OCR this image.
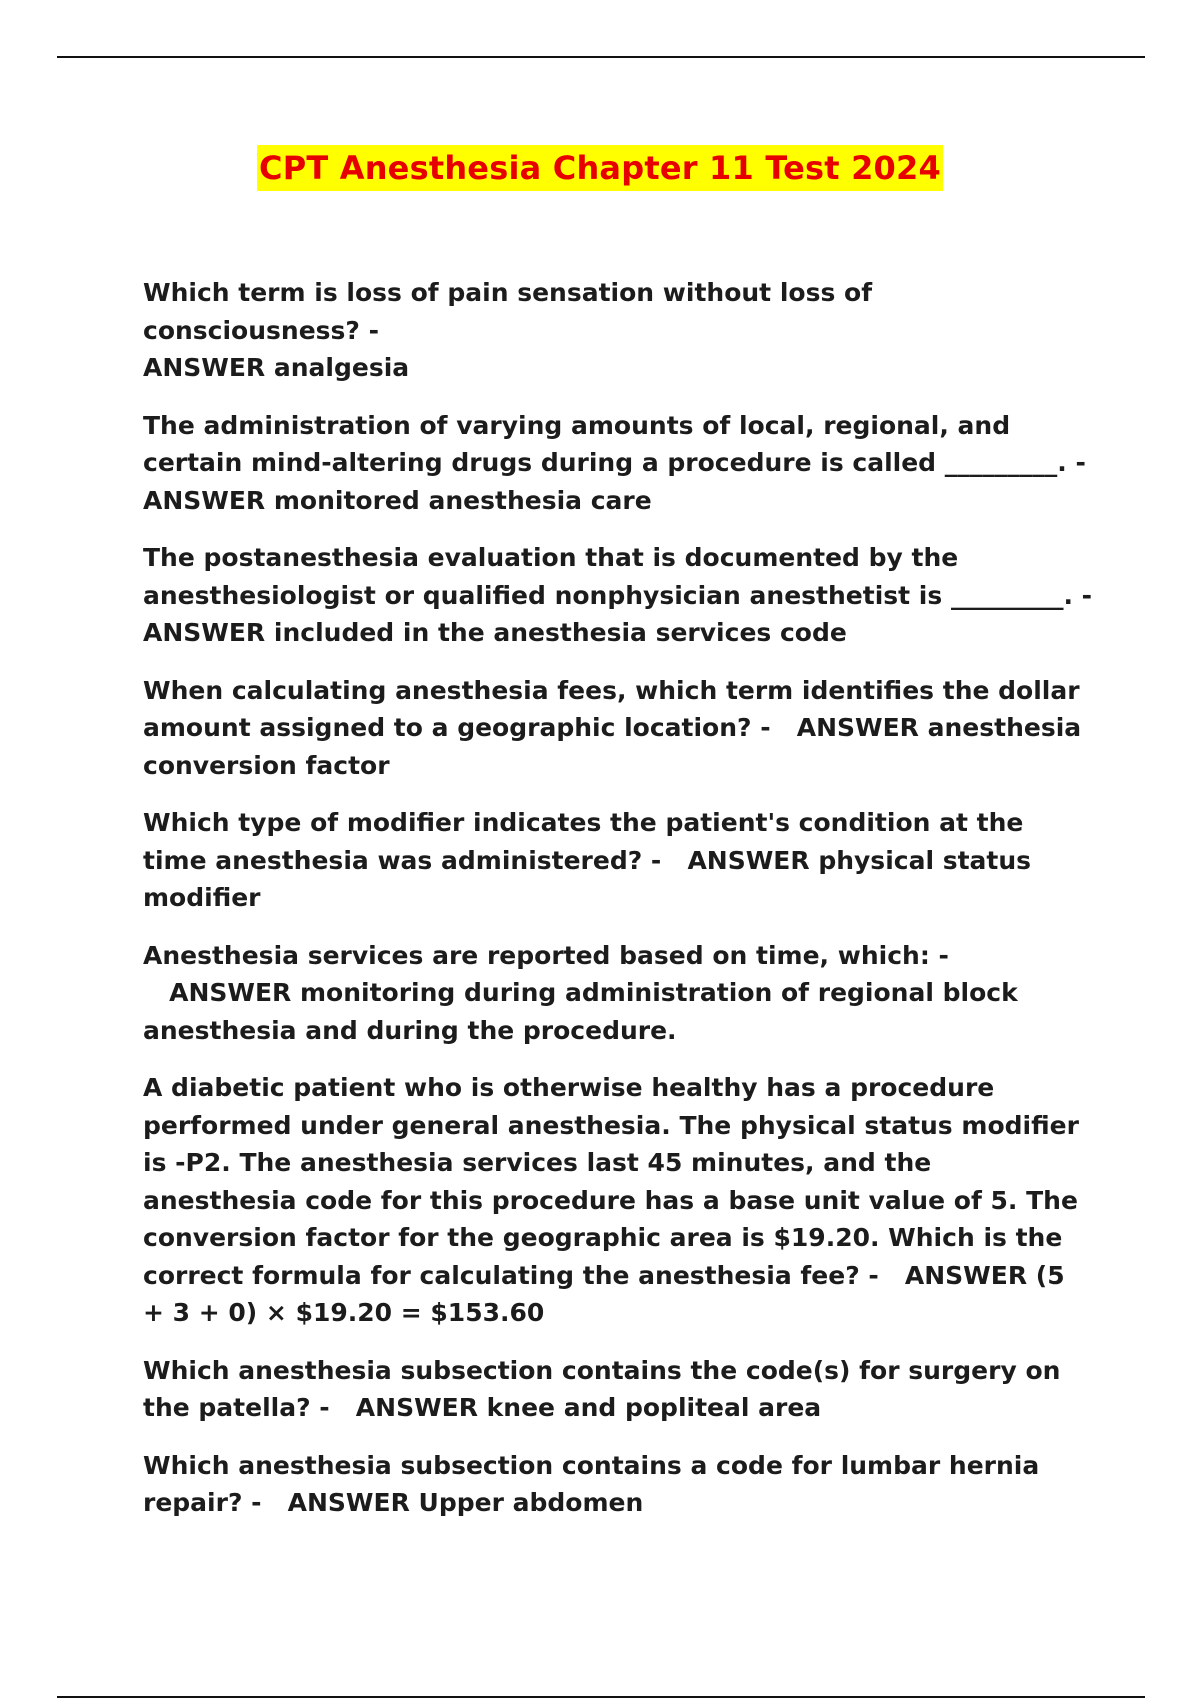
CPT Anesthesia Chapter 11 Test 2024

Which term is loss of pain sensation without loss of consciousness? -
ANSWER analgesia

The administration of varying amounts of local, regional, and certain mind-altering drugs during a procedure is called _________. -
ANSWER monitored anesthesia care

The postanesthesia evaluation that is documented by the anesthesiologist or qualified nonphysician anesthetist is _________. -
ANSWER included in the anesthesia services code

When calculating anesthesia fees, which term identifies the dollar amount assigned to a geographic location? - ANSWER anesthesia conversion factor

Which type of modifier indicates the patient's condition at the time anesthesia was administered? - ANSWER physical status modifier

Anesthesia services are reported based on time, which: -   ANSWER monitoring during administration of regional block anesthesia and during the procedure.

A diabetic patient who is otherwise healthy has a procedure performed under general anesthesia. The physical status modifier is -P2. The anesthesia services last 45 minutes, and the anesthesia code for this procedure has a base unit value of 5. The conversion factor for the geographic area is $19.20. Which is the correct formula for calculating the anesthesia fee? - ANSWER (5 + 3 + 0) × $19.20 = $153.60

Which anesthesia subsection contains the code(s) for surgery on the patella? - ANSWER knee and popliteal area

Which anesthesia subsection contains a code for lumbar hernia repair? - ANSWER Upper abdomen
